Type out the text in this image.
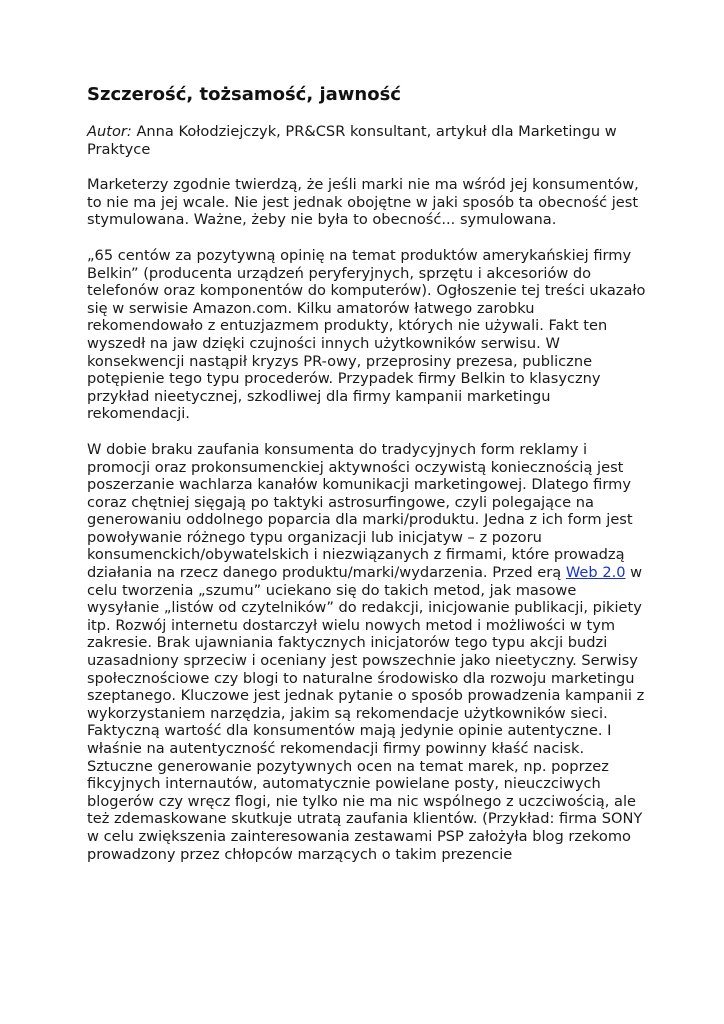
Szczerość, tożsamość, jawność

Autor: Anna Kołodziejczyk, PR&CSR konsultant, artykuł dla Marketingu w Praktyce

Marketerzy zgodnie twierdzą, że jeśli marki nie ma wśród jej konsumentów, to nie ma jej wcale. Nie jest jednak obojętne w jaki sposób ta obecność jest stymulowana. Ważne, żeby nie była to obecność... symulowana.

„65 centów za pozytywną opinię na temat produktów amerykańskiej firmy Belkin” (producenta urządzeń peryferyjnych, sprzętu i akcesoriów do telefonów oraz komponentów do komputerów). Ogłoszenie tej treści ukazało się w serwisie Amazon.com. Kilku amatorów łatwego zarobku rekomendowało z entuzjazmem produkty, których nie używali. Fakt ten wyszedł na jaw dzięki czujności innych użytkowników serwisu. W konsekwencji nastąpił kryzys PR-owy, przeprosiny prezesa, publiczne potępienie tego typu procederów. Przypadek firmy Belkin to klasyczny przykład nieetycznej, szkodliwej dla firmy kampanii marketingu rekomendacji.

W dobie braku zaufania konsumenta do tradycyjnych form reklamy i promocji oraz prokonsumenckiej aktywności oczywistą koniecznością jest poszerzanie wachlarza kanałów komunikacji marketingowej. Dlatego firmy coraz chętniej sięgają po taktyki astrosurfingowe, czyli polegające na generowaniu oddolnego poparcia dla marki/produktu. Jedna z ich form jest powoływanie różnego typu organizacji lub inicjatyw – z pozoru konsumenckich/obywatelskich i niezwiązanych z firmami, które prowadzą działania na rzecz danego produktu/marki/wydarzenia. Przed erą Web 2.0 w celu tworzenia „szumu” uciekano się do takich metod, jak masowe wysyłanie „listów od czytelników” do redakcji, inicjowanie publikacji, pikiety itp. Rozwój internetu dostarczył wielu nowych metod i możliwości w tym zakresie. Brak ujawniania faktycznych inicjatorów tego typu akcji budzi uzasadniony sprzeciw i oceniany jest powszechnie jako nieetyczny. Serwisy społecznościowe czy blogi to naturalne środowisko dla rozwoju marketingu szeptanego. Kluczowe jest jednak pytanie o sposób prowadzenia kampanii z wykorzystaniem narzędzia, jakim są rekomendacje użytkowników sieci. Faktyczną wartość dla konsumentów mają jedynie opinie autentyczne. I właśnie na autentyczność rekomendacji firmy powinny kłaść nacisk. Sztuczne generowanie pozytywnych ocen na temat marek, np. poprzez fikcyjnych internautów, automatycznie powielane posty, nieuczciwych blogerów czy wręcz flogi, nie tylko nie ma nic wspólnego z uczciwością, ale też zdemaskowane skutkuje utratą zaufania klientów. (Przykład: firma SONY w celu zwiększenia zainteresowania zestawami PSP założyła blog rzekomo prowadzony przez chłopców marzących o takim prezencie
